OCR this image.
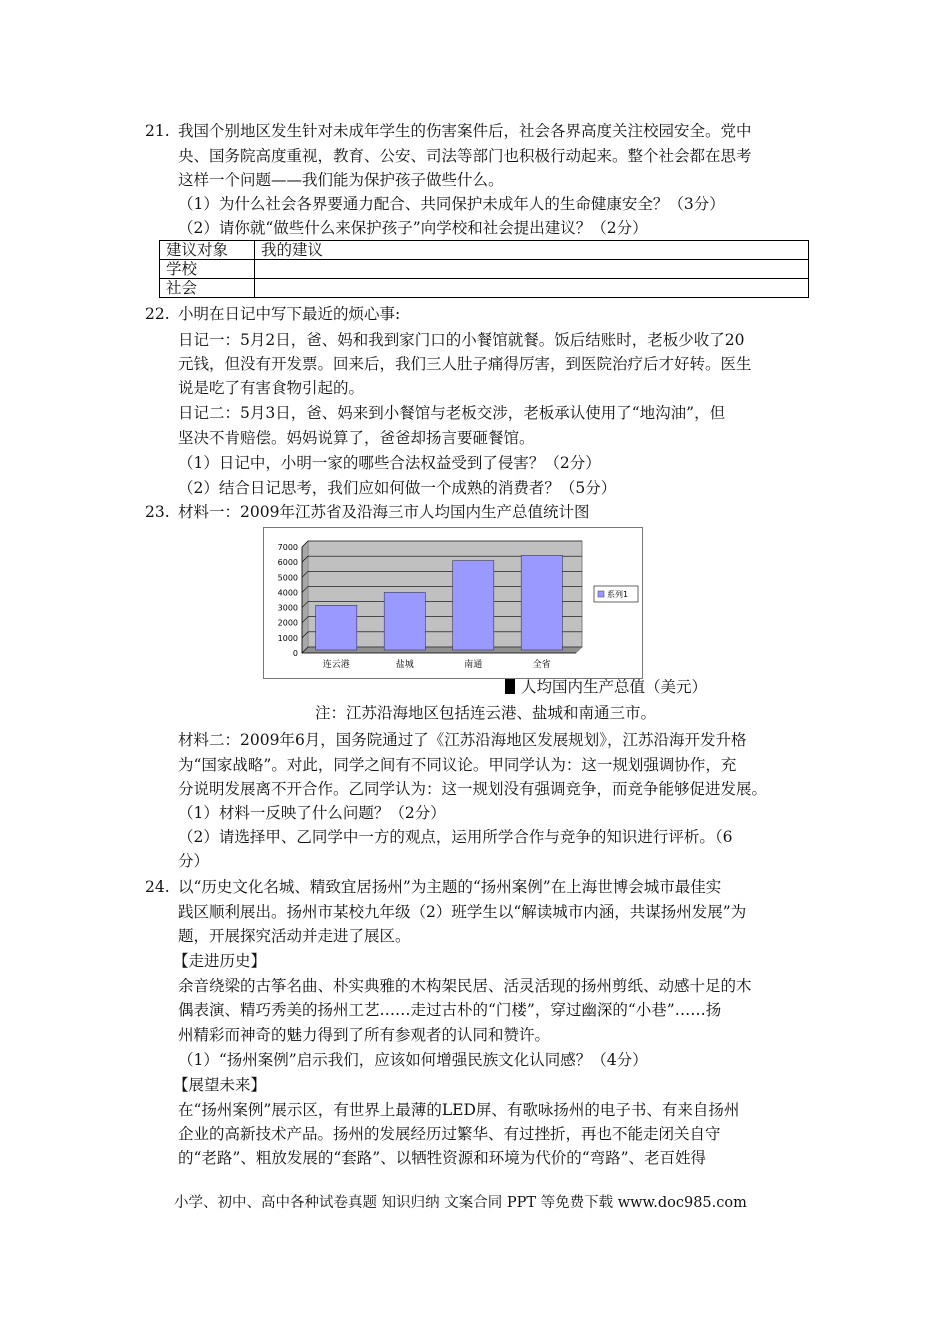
21. 我国个别地区发生针对未成年学生的伤害案件后，社会各界高度关注校园安全。党中
央、国务院高度重视，教育、公安、司法等部门也积极行动起来。整个社会都在思考
这样一个问题——我们能为保护孩子做些什么。
（1）为什么社会各界要通力配合、共同保护未成年人的生命健康安全？（3分）
（2）请你就“做些什么来保护孩子”向学校和社会提出建议？（2分）
建议对象	我的建议
学校	
社会	
22. 小明在日记中写下最近的烦心事:
日记一：5月2日，爸、妈和我到家门口的小餐馆就餐。饭后结账时，老板少收了20
元钱，但没有开发票。回来后，我们三人肚子痛得厉害，到医院治疗后才好转。医生
说是吃了有害食物引起的。
日记二：5月3日，爸、妈来到小餐馆与老板交涉，老板承认使用了“地沟油”，但
坚决不肯赔偿。妈妈说算了，爸爸却扬言要砸餐馆。
（1）日记中，小明一家的哪些合法权益受到了侵害？（2分）
（2）结合日记思考，我们应如何做一个成熟的消费者？（5分）
23. 材料一：2009年江苏省及沿海三市人均国内生产总值统计图
0
1000
2000
3000
4000
5000
6000
7000
连云港	盐城	南通	全省
系列1
人均国内生产总值（美元）
注：江苏沿海地区包括连云港、盐城和南通三市。
材料二：2009年6月，国务院通过了《江苏沿海地区发展规划》，江苏沿海开发升格
为“国家战略”。对此，同学之间有不同议论。甲同学认为：这一规划强调协作，充
分说明发展离不开合作。乙同学认为：这一规划没有强调竞争，而竞争能够促进发展。
（1）材料一反映了什么问题？（2分）
（2）请选择甲、乙同学中一方的观点，运用所学合作与竞争的知识进行评析。（6
分）
24. 以“历史文化名城、精致宜居扬州”为主题的“扬州案例”在上海世博会城市最佳实
践区顺利展出。扬州市某校九年级（2）班学生以“解读城市内涵，共谋扬州发展”为
题，开展探究活动并走进了展区。
【走进历史】
余音绕梁的古筝名曲、朴实典雅的木构架民居、活灵活现的扬州剪纸、动感十足的木
偶表演、精巧秀美的扬州工艺……走过古朴的“门楼”，穿过幽深的“小巷”……扬
州精彩而神奇的魅力得到了所有参观者的认同和赞许。
（1）“扬州案例”启示我们，应该如何增强民族文化认同感？（4分）
【展望未来】
在“扬州案例”展示区，有世界上最薄的LED屏、有歌咏扬州的电子书、有来自扬州
企业的高新技术产品。扬州的发展经历过繁华、有过挫折，再也不能走闭关自守
的“老路”、粗放发展的“套路”、以牺牲资源和环境为代价的“弯路”、老百姓得
小学、初中、高中各种试卷真题 知识归纳 文案合同 PPT 等免费下载 www.doc985.com
